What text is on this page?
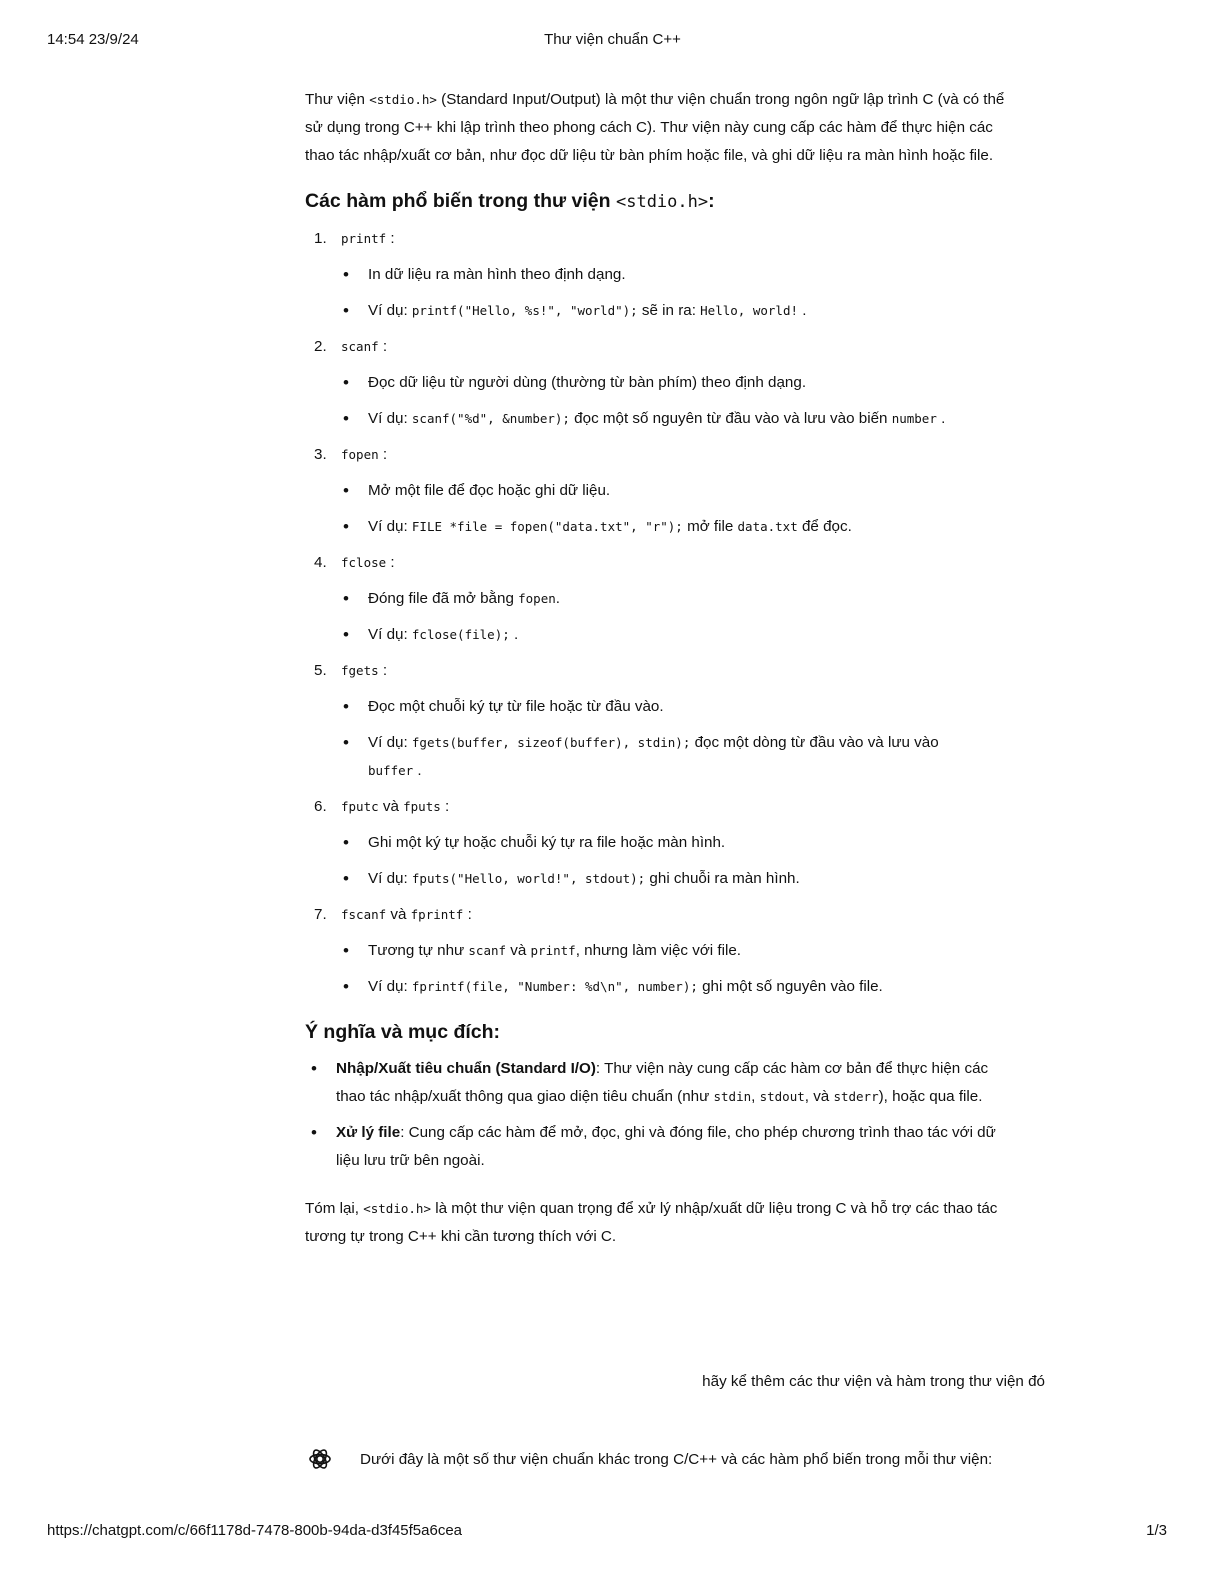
14:54 23/9/24	Thư viện chuẩn C++

Thư viện <stdio.h> (Standard Input/Output) là một thư viện chuẩn trong ngôn ngữ lập trình C (và có thể sử dụng trong C++ khi lập trình theo phong cách C). Thư viện này cung cấp các hàm để thực hiện các thao tác nhập/xuất cơ bản, như đọc dữ liệu từ bàn phím hoặc file, và ghi dữ liệu ra màn hình hoặc file.

Các hàm phổ biến trong thư viện <stdio.h>:
1. printf :
• In dữ liệu ra màn hình theo định dạng.
• Ví dụ: printf("Hello, %s!", "world"); sẽ in ra: Hello, world! .
2. scanf :
• Đọc dữ liệu từ người dùng (thường từ bàn phím) theo định dạng.
• Ví dụ: scanf("%d", &number); đọc một số nguyên từ đầu vào và lưu vào biến number .
3. fopen :
• Mở một file để đọc hoặc ghi dữ liệu.
• Ví dụ: FILE *file = fopen("data.txt", "r"); mở file data.txt để đọc.
4. fclose :
• Đóng file đã mở bằng fopen.
• Ví dụ: fclose(file); .
5. fgets :
• Đọc một chuỗi ký tự từ file hoặc từ đầu vào.
• Ví dụ: fgets(buffer, sizeof(buffer), stdin); đọc một dòng từ đầu vào và lưu vào buffer .
6. fputc và fputs :
• Ghi một ký tự hoặc chuỗi ký tự ra file hoặc màn hình.
• Ví dụ: fputs("Hello, world!", stdout); ghi chuỗi ra màn hình.
7. fscanf và fprintf :
• Tương tự như scanf và printf, nhưng làm việc với file.
• Ví dụ: fprintf(file, "Number: %d\n", number); ghi một số nguyên vào file.
Ý nghĩa và mục đích:
• Nhập/Xuất tiêu chuẩn (Standard I/O): Thư viện này cung cấp các hàm cơ bản để thực hiện các thao tác nhập/xuất thông qua giao diện tiêu chuẩn (như stdin, stdout, và stderr), hoặc qua file.
• Xử lý file: Cung cấp các hàm để mở, đọc, ghi và đóng file, cho phép chương trình thao tác với dữ liệu lưu trữ bên ngoài.

Tóm lại, <stdio.h> là một thư viện quan trọng để xử lý nhập/xuất dữ liệu trong C và hỗ trợ các thao tác tương tự trong C++ khi cần tương thích với C.

hãy kể thêm các thư viện và hàm trong thư viện đó
Dưới đây là một số thư viện chuẩn khác trong C/C++ và các hàm phổ biến trong mỗi thư viện:
https://chatgpt.com/c/66f1178d-7478-800b-94da-d3f45f5a6cea	1/3
